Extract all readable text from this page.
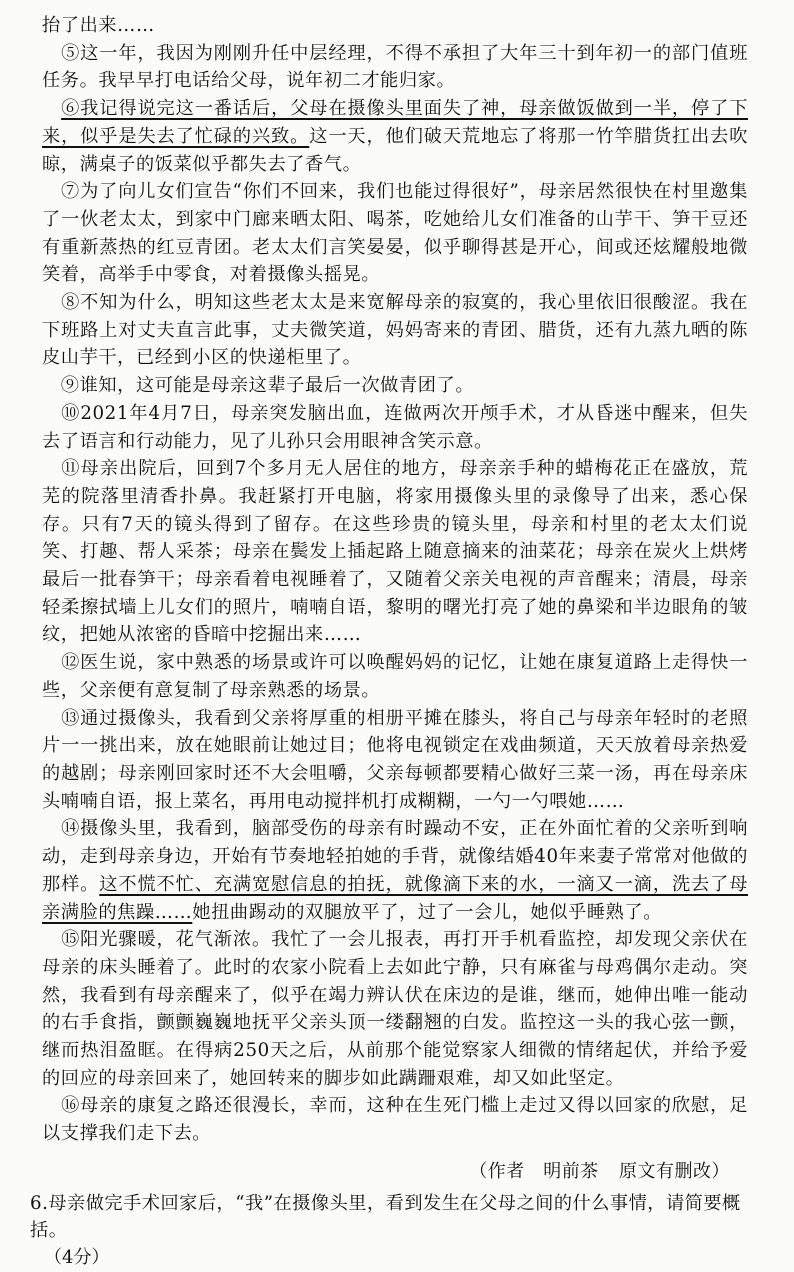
抬了出来……

　⑤这一年，我因为刚刚升任中层经理，不得不承担了大年三十到年初一的部门值班任务。我早早打电话给父母，说年初二才能归家。

　⑥我记得说完这一番话后，父母在摄像头里面失了神，母亲做饭做到一半，停了下来，似乎是失去了忙碌的兴致。这一天，他们破天荒地忘了将那一竹竿腊货扛出去吹晾，满桌子的饭菜似乎都失去了香气。

　⑦为了向儿女们宣告“你们不回来，我们也能过得很好”，母亲居然很快在村里邀集了一伙老太太，到家中门廊来晒太阳、喝茶，吃她给儿女们准备的山芋干、笋干豆还有重新蒸热的红豆青团。老太太们言笑晏晏，似乎聊得甚是开心，间或还炫耀般地微笑着，高举手中零食，对着摄像头摇晃。

　⑧不知为什么，明知这些老太太是来宽解母亲的寂寞的，我心里依旧很酸涩。我在下班路上对丈夫直言此事，丈夫微笑道，妈妈寄来的青团、腊货，还有九蒸九晒的陈皮山芋干，已经到小区的快递柜里了。

　⑨谁知，这可能是母亲这辈子最后一次做青团了。

　⑩2021年4月7日，母亲突发脑出血，连做两次开颅手术，才从昏迷中醒来，但失去了语言和行动能力，见了儿孙只会用眼神含笑示意。

　⑪母亲出院后，回到7个多月无人居住的地方，母亲亲手种的蜡梅花正在盛放，荒芜的院落里清香扑鼻。我赶紧打开电脑，将家用摄像头里的录像导了出来，悉心保存。只有7天的镜头得到了留存。在这些珍贵的镜头里，母亲和村里的老太太们说笑、打趣、帮人采茶；母亲在鬓发上插起路上随意摘来的油菜花；母亲在炭火上烘烤最后一批春笋干；母亲看着电视睡着了，又随着父亲关电视的声音醒来；清晨，母亲轻柔擦拭墙上儿女们的照片，喃喃自语，黎明的曙光打亮了她的鼻梁和半边眼角的皱纹，把她从浓密的昏暗中挖掘出来……

　⑫医生说，家中熟悉的场景或许可以唤醒妈妈的记忆，让她在康复道路上走得快一些，父亲便有意复制了母亲熟悉的场景。

　⑬通过摄像头，我看到父亲将厚重的相册平摊在膝头，将自己与母亲年轻时的老照片一一挑出来，放在她眼前让她过目；他将电视锁定在戏曲频道，天天放着母亲热爱的越剧；母亲刚回家时还不大会咀嚼，父亲每顿都要精心做好三菜一汤，再在母亲床头喃喃自语，报上菜名，再用电动搅拌机打成糊糊，一勺一勺喂她……

　⑭摄像头里，我看到，脑部受伤的母亲有时躁动不安，正在外面忙着的父亲听到响动，走到母亲身边，开始有节奏地轻拍她的手背，就像结婚40年来妻子常常对他做的那样。这不慌不忙、充满宽慰信息的拍抚，就像滴下来的水，一滴又一滴，洗去了母亲满脸的焦躁……她扭曲踢动的双腿放平了，过了一会儿，她似乎睡熟了。

　⑮阳光骤暖，花气渐浓。我忙了一会儿报表，再打开手机看监控，却发现父亲伏在母亲的床头睡着了。此时的农家小院看上去如此宁静，只有麻雀与母鸡偶尔走动。突然，我看到有母亲醒来了，似乎在竭力辨认伏在床边的是谁，继而，她伸出唯一能动的右手食指，颤颤巍巍地抚平父亲头顶一缕翻翘的白发。监控这一头的我心弦一颤，继而热泪盈眶。在得病250天之后，从前那个能觉察家人细微的情绪起伏，并给予爱的回应的母亲回来了，她回转来的脚步如此蹒跚艰难，却又如此坚定。

　⑯母亲的康复之路还很漫长，幸而，这种在生死门槛上走过又得以回家的欣慰，足以支撑我们走下去。

（作者　明前茶 原文有删改）

6.母亲做完手术回家后，“我”在摄像头里，看到发生在父母之间的什么事情，请简要概括。

（4分）
